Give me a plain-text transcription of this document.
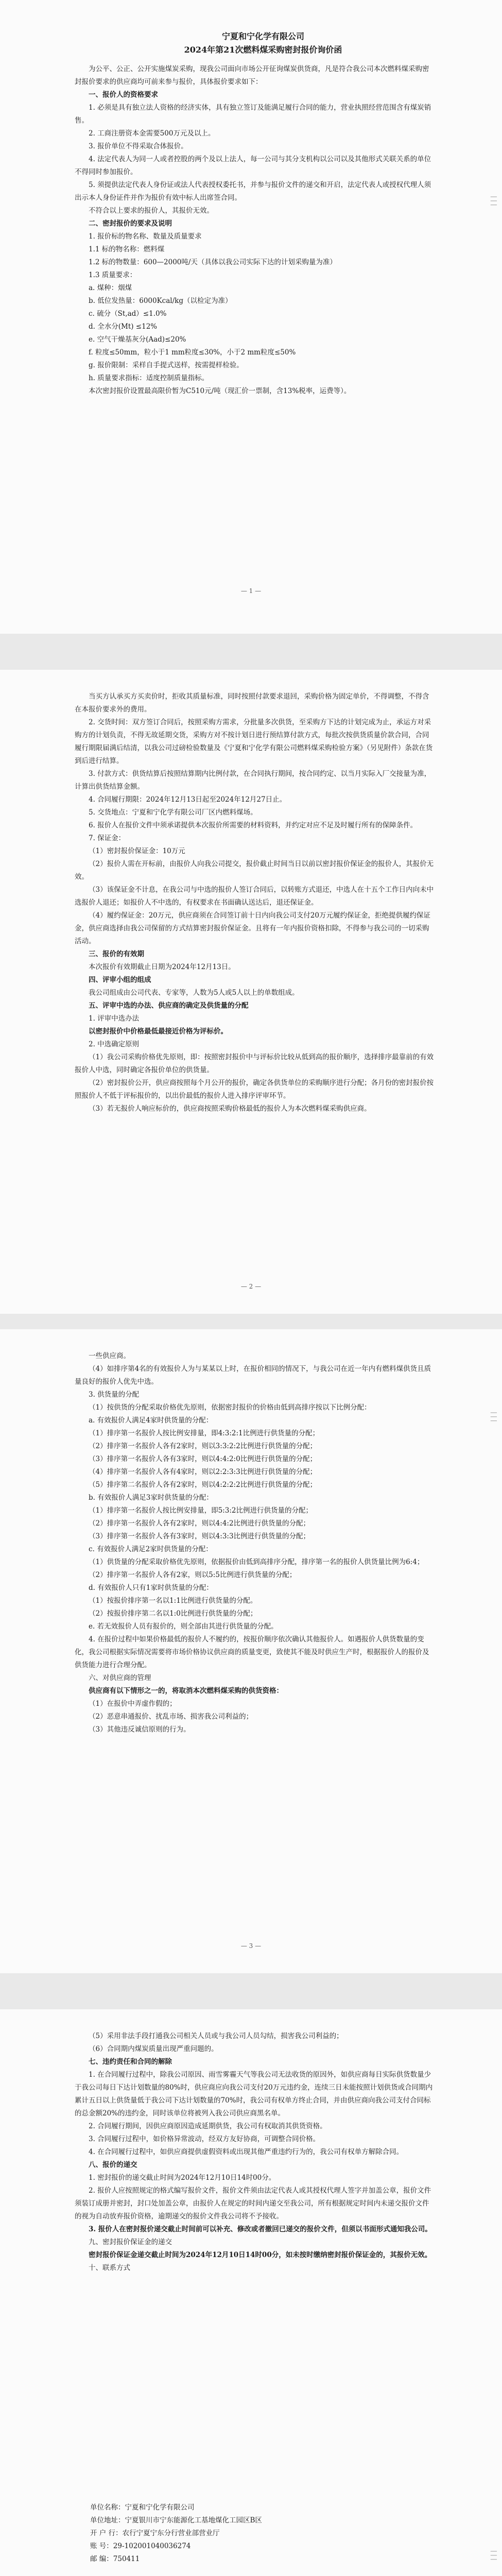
| | |

宁夏和宁化学有限公司

2024年第21次燃料煤采购密封报价询价函

为公平、公正、公开实施煤炭采购，现我公司面向市场公开征询煤炭供货商，凡是符合我公司本次燃料煤采购密封报价要求的供应商均可前来参与报价，具体报价要求如下：

一、报价人的资格要求

1. 必须是具有独立法人资格的经济实体，具有独立签订及能满足履行合同的能力，营业执照经营范围含有煤炭销售。

2. 工商注册资本金需要500万元及以上。

3. 报价单位不得采取合体报价。

4. 法定代表人为同一人或者控股的两个及以上法人，每一公司与其分支机构以公司以及其他形式关联关系的单位不得同时参加报价。

5. 须提供法定代表人身份证或法人代表授权委托书，并参与报价文件的递交和开启，法定代表人或授权代理人须出示本人身份证件并作为报价有效中标人出席签合同。

不符合以上要求的报价人，其报价无效。

二、密封报价的要求及说明

1. 报价标的物名称、数量及质量要求

1.1 标的物名称：燃料煤

1.2 标的物数量：600—2000吨/天（具体以我公司实际下达的计划采购量为准）

1.3 质量要求：

a. 煤种：烟煤

b. 低位发热量：6000Kcal/kg（以检定为准）

c. 硫分（St,ad）≤1.0%

d. 全水分(Mt) ≤12%

e. 空气干燥基灰分(Aad)≤20%

f. 粒度≤50mm，粒小于1 mm粒度≤30%，小于2 mm粒度≤50%

g. 报价限制：采样自手提式送样，按需提样检验。

h. 质量要求指标：适度控制质量指标。

本次密封报价设置最高限价暂为C510元/吨（现汇价一票制，含13%税率，运费等）。

— 1 —

当买方认承买方买卖价时，拒收其质量标准，同时按照付款要求退回，采购价格为固定单价，不得调整，不得含在本报价要求外的费用。

2. 交货时间：双方签订合同后，按照采购方需求，分批量多次供货，至采购方下达的计划完成为止，承运方对采购方的计划负责，不得无故延期交货，采购方对不按计划日进行预结算付款方式，每批次按供货质量价款合同，合同履行期限届满后结清，以我公司过磅检验数量及《宁夏和宁化学有限公司燃料煤采购检验方案》（另见附件）条款在货到后进行结算。

3. 付款方式：供货结算后按照结算期内比例付款，在合同执行期间，按合同约定、以当月实际入厂交接量为准，计算出供货结算金额。

4. 合同履行期限：2024年12月13日起至2024年12月27日止。

5. 交货地点：宁夏和宁化学有限公司厂区内燃料煤场。

6. 报价人在报价文件中须承诺提供本次报价所需要的材料资料，并约定对应不足及时履行所有的保障条件。

7. 保证金：

（1）密封报价保证金：10万元

（2）报价人需在开标前，由报价人向我公司提交，报价截止时间当日以前以密封报价保证金的报价人，其报价无效。

（3）该保证金不计息，在我公司与中选的报价人签订合同后，以转账方式退还，中选人在十五个工作日内向未中选报价人退还；如报价人不中选的，有权要求在书面确认送达后，退还保证金。

（4）履约保证金：20万元，供应商须在合同签订前十日内向我公司支付20万元履约保证金，拒绝提供履约保证金，供应商选择由我公司保留的方式结算密封报价保证金。且将有一年内报价资格扣除，不得参与我公司的一切采购活动。

三、报价的有效期

本次报价有效期截止日期为2024年12月13日。

四、评审小组的组成

我公司组成由公司代表、专家等，人数为5人或5人以上的单数组成。

五、评审中选的办法、供应商的确定及供货量的分配

1. 评审中选办法

以密封报价中价格最低最接近价格为评标价。

2. 中选确定原则

（1）我公司采购价格优先原则，即：按照密封报价中与评标价比较从低到高的报价顺序，选择排序最靠前的有效报价人中选，同时确定各报价单位的供货量。

（2）密封报价公开，供应商按照每个月公开的报价，确定各供货单位的采购顺序进行分配；各月份的密封报价按照报价人不低于评标报价的，以出价最低的报价人进入排序评审环节。

（3）若无报价人响应标价的，供应商按照采购价格最低的报价人为本次燃料煤采购供应商。

— 2 —
| | |

一些供应商。

（4）如排序第4名的有效报价人为与某某以上时，在报价相同的情况下，与我公司在近一年内有燃料煤供货且质量良好的报价人优先中选。

3. 供货量的分配

（1）按供货的分配采取价格优先原则，依据密封报价的价格由低到高排序按以下比例分配：

a. 有效报价人满足4家时供货量的分配：

（1）排序第一名报价人按比例安排量，即4:3:2:1比例进行供货量的分配；

（2）排序第一名报价人各有2家时，则以3:3:2:2比例进行供货量的分配；

（3）排序第一名报价人各有3家时，则以4:4:2:0比例进行供货量的分配；

（4）排序第一名报价人各有4家时，则以2:2:3:3比例进行供货量的分配；

（5）排序第二名报价人各有2家时，则以4:2:2:2比例进行供货量的分配；

b. 有效报价人满足3家时供货量的分配：

（1）排序第一名报价人按比例安排量，即5:3:2比例进行供货量的分配；

（2）排序第一名报价人各有2家时，则以4:4:2比例进行供货量的分配；

（3）排序第一名报价人各有3家时，则以4:3:3比例进行供货量的分配；

c. 有效报价人满足2家时供货量的分配：

（1）供货量的分配采取价格优先原则，依据报价由低到高排序分配，排序第一名的报价人供货量比例为6:4；

（2）排序第一名报价人各有2家，则以5:5比例进行供货量的分配；

d. 有效报价人只有1家时供货量的分配：

（1）按报价排序第一名以1:1比例进行供货量的分配。

（2）按报价排序第二名以1:0比例进行供货量的分配；

e. 若无效报价人员有报价的，则全部由其进行供货量的分配。

4. 在报价过程中如果价格最低的报价人不履约的，按报价顺序依次确认其他报价人。如遇报价人供货数量的变化，我公司根据实际情况需要将市场价格协议供应商的质量变更，致使其不能及时供应生产时，根据报价人的报价及供货能力进行合理分配。

六、对供应商的管理

供应商有以下情形之一的，将取消本次燃料煤采购的供货资格：

（1）在报价中弄虚作假的；

（2）恶意串通报价、扰乱市场、损害我公司利益的；

（3）其他违反诚信原则的行为。

— 3 —
| | |

（5）采用非法手段打通我公司相关人员或与我公司人员勾结，损害我公司利益的；

（6）合同期内煤炭质量出现严重问题的。

七、违约责任和合同的解除

1. 在合同履行过程中，除我公司原因、雨雪雾霾天气等我公司无法收货的原因外，如供应商每日实际供货数量少于我公司每日下达计划数量的80%时，供应商应向我公司支付20万元违约金，连续三日未能按照计划供货或合同期内累计五日以上供货量低于我公司下达计划数量的70%时，我公司有权单方终止合同，并由供应商向我公司支付合同标的总金额20%的违约金，同时该单位将被列入我公司供应商黑名单。

2. 合同履行期间，因供应商原因造成延期供货，我公司有权取消其供货资格。

3. 合同履行过程中，如价格异常波动，经双方友好协商，可调整合同价格。

4. 在合同履行过程中，如供应商提供虚假资料或出现其他严重违约行为的，我公司有权单方解除合同。

八、报价的递交

1. 密封报价的递交截止时间为2024年12月10日14时00分。

2. 报价人应按照规定的格式编写报价文件，报价文件须由法定代表人或其授权代理人签字并加盖公章，报价文件须装订成册并密封，封口处加盖公章，由报价人在规定的时间内递交至我公司，所有根据规定时间内未递交报价文件的视为自动放弃报价资格，逾期递交的报价文件我公司将不予接收。

3. 报价人在密封报价递交截止时间前可以补充、修改或者撤回已递交的报价文件，但须以书面形式通知我公司。

九、密封报价保证金的递交

密封报价保证金递交截止时间为2024年12月10日14时00分，如未按时缴纳密封报价保证金的，其报价无效。

十、联系方式

单位名称：宁夏和宁化学有限公司

单位地址：宁夏银川市宁东能源化工基地煤化工园区B区

开 户 行：农行宁夏宁东分行营业部营业厅

账 号：29-102001040036274

邮 编：750411
